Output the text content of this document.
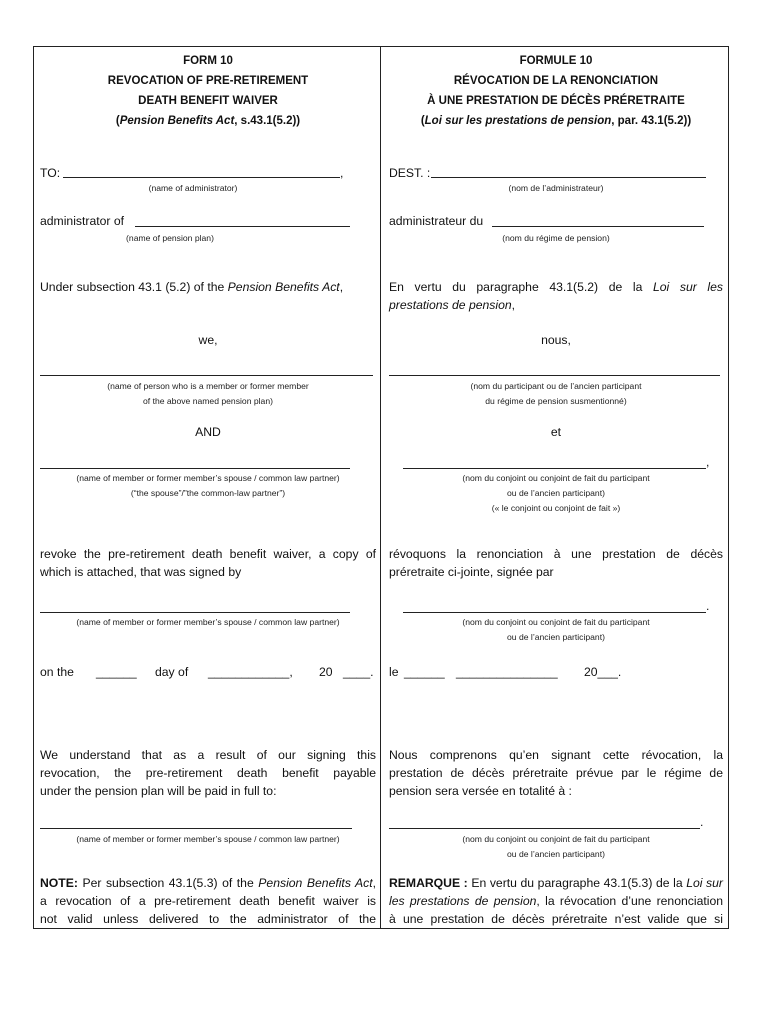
FORM 10
REVOCATION OF PRE-RETIREMENT
DEATH BENEFIT WAIVER
(Pension Benefits Act, s.43.1(5.2))
TO:	,
(name of administrator)
administrator of
(name of pension plan)
Under subsection 43.1 (5.2) of the Pension Benefits Act,
we,
(name of person who is a member or former member
of the above named pension plan)
AND
(name of member or former member’s spouse / common law partner)
(“the spouse”/”the common-law partner”)
revoke the pre-retirement death benefit waiver, a copy of
which is attached, that was signed by
(name of member or former member’s spouse / common law partner)
on the	______	day of	____________,	20 ____.
We understand that as a result of our signing this
revocation, the pre-retirement death benefit payable
under the pension plan will be paid in full to:
(name of member or former member’s spouse / common law partner)
NOTE: Per subsection 43.1(5.3) of the Pension Benefits Act,
a revocation of a pre-retirement death benefit waiver is
not valid unless delivered to the administrator of the
FORMULE 10
RÉVOCATION DE LA RENONCIATION
À UNE PRESTATION DE DÉCÈS PRÉRETRAITE
(Loi sur les prestations de pension, par. 43.1(5.2))
DEST. :
(nom de l’administrateur)
administrateur du
(nom du régime de pension)
En vertu du paragraphe 43.1(5.2) de la Loi sur les
prestations de pension,
nous,
(nom du participant ou de l’ancien participant
du régime de pension susmentionné)
et
,
(nom du conjoint ou conjoint de fait du participant
ou de l’ancien participant)
(« le conjoint ou conjoint de fait »)
révoquons la renonciation à une prestation de décès
préretraite ci-jointe, signée par
.
(nom du conjoint ou conjoint de fait du participant
ou de l’ancien participant)
le ______ _______________	20___.
Nous comprenons qu’en signant cette révocation, la
prestation de décès préretraite prévue par le régime de
pension sera versée en totalité à :
.
(nom du conjoint ou conjoint de fait du participant
ou de l’ancien participant)
REMARQUE : En vertu du paragraphe 43.1(5.3) de la Loi sur
les prestations de pension, la révocation d’une renonciation
à une prestation de décès préretraite n’est valide que si
